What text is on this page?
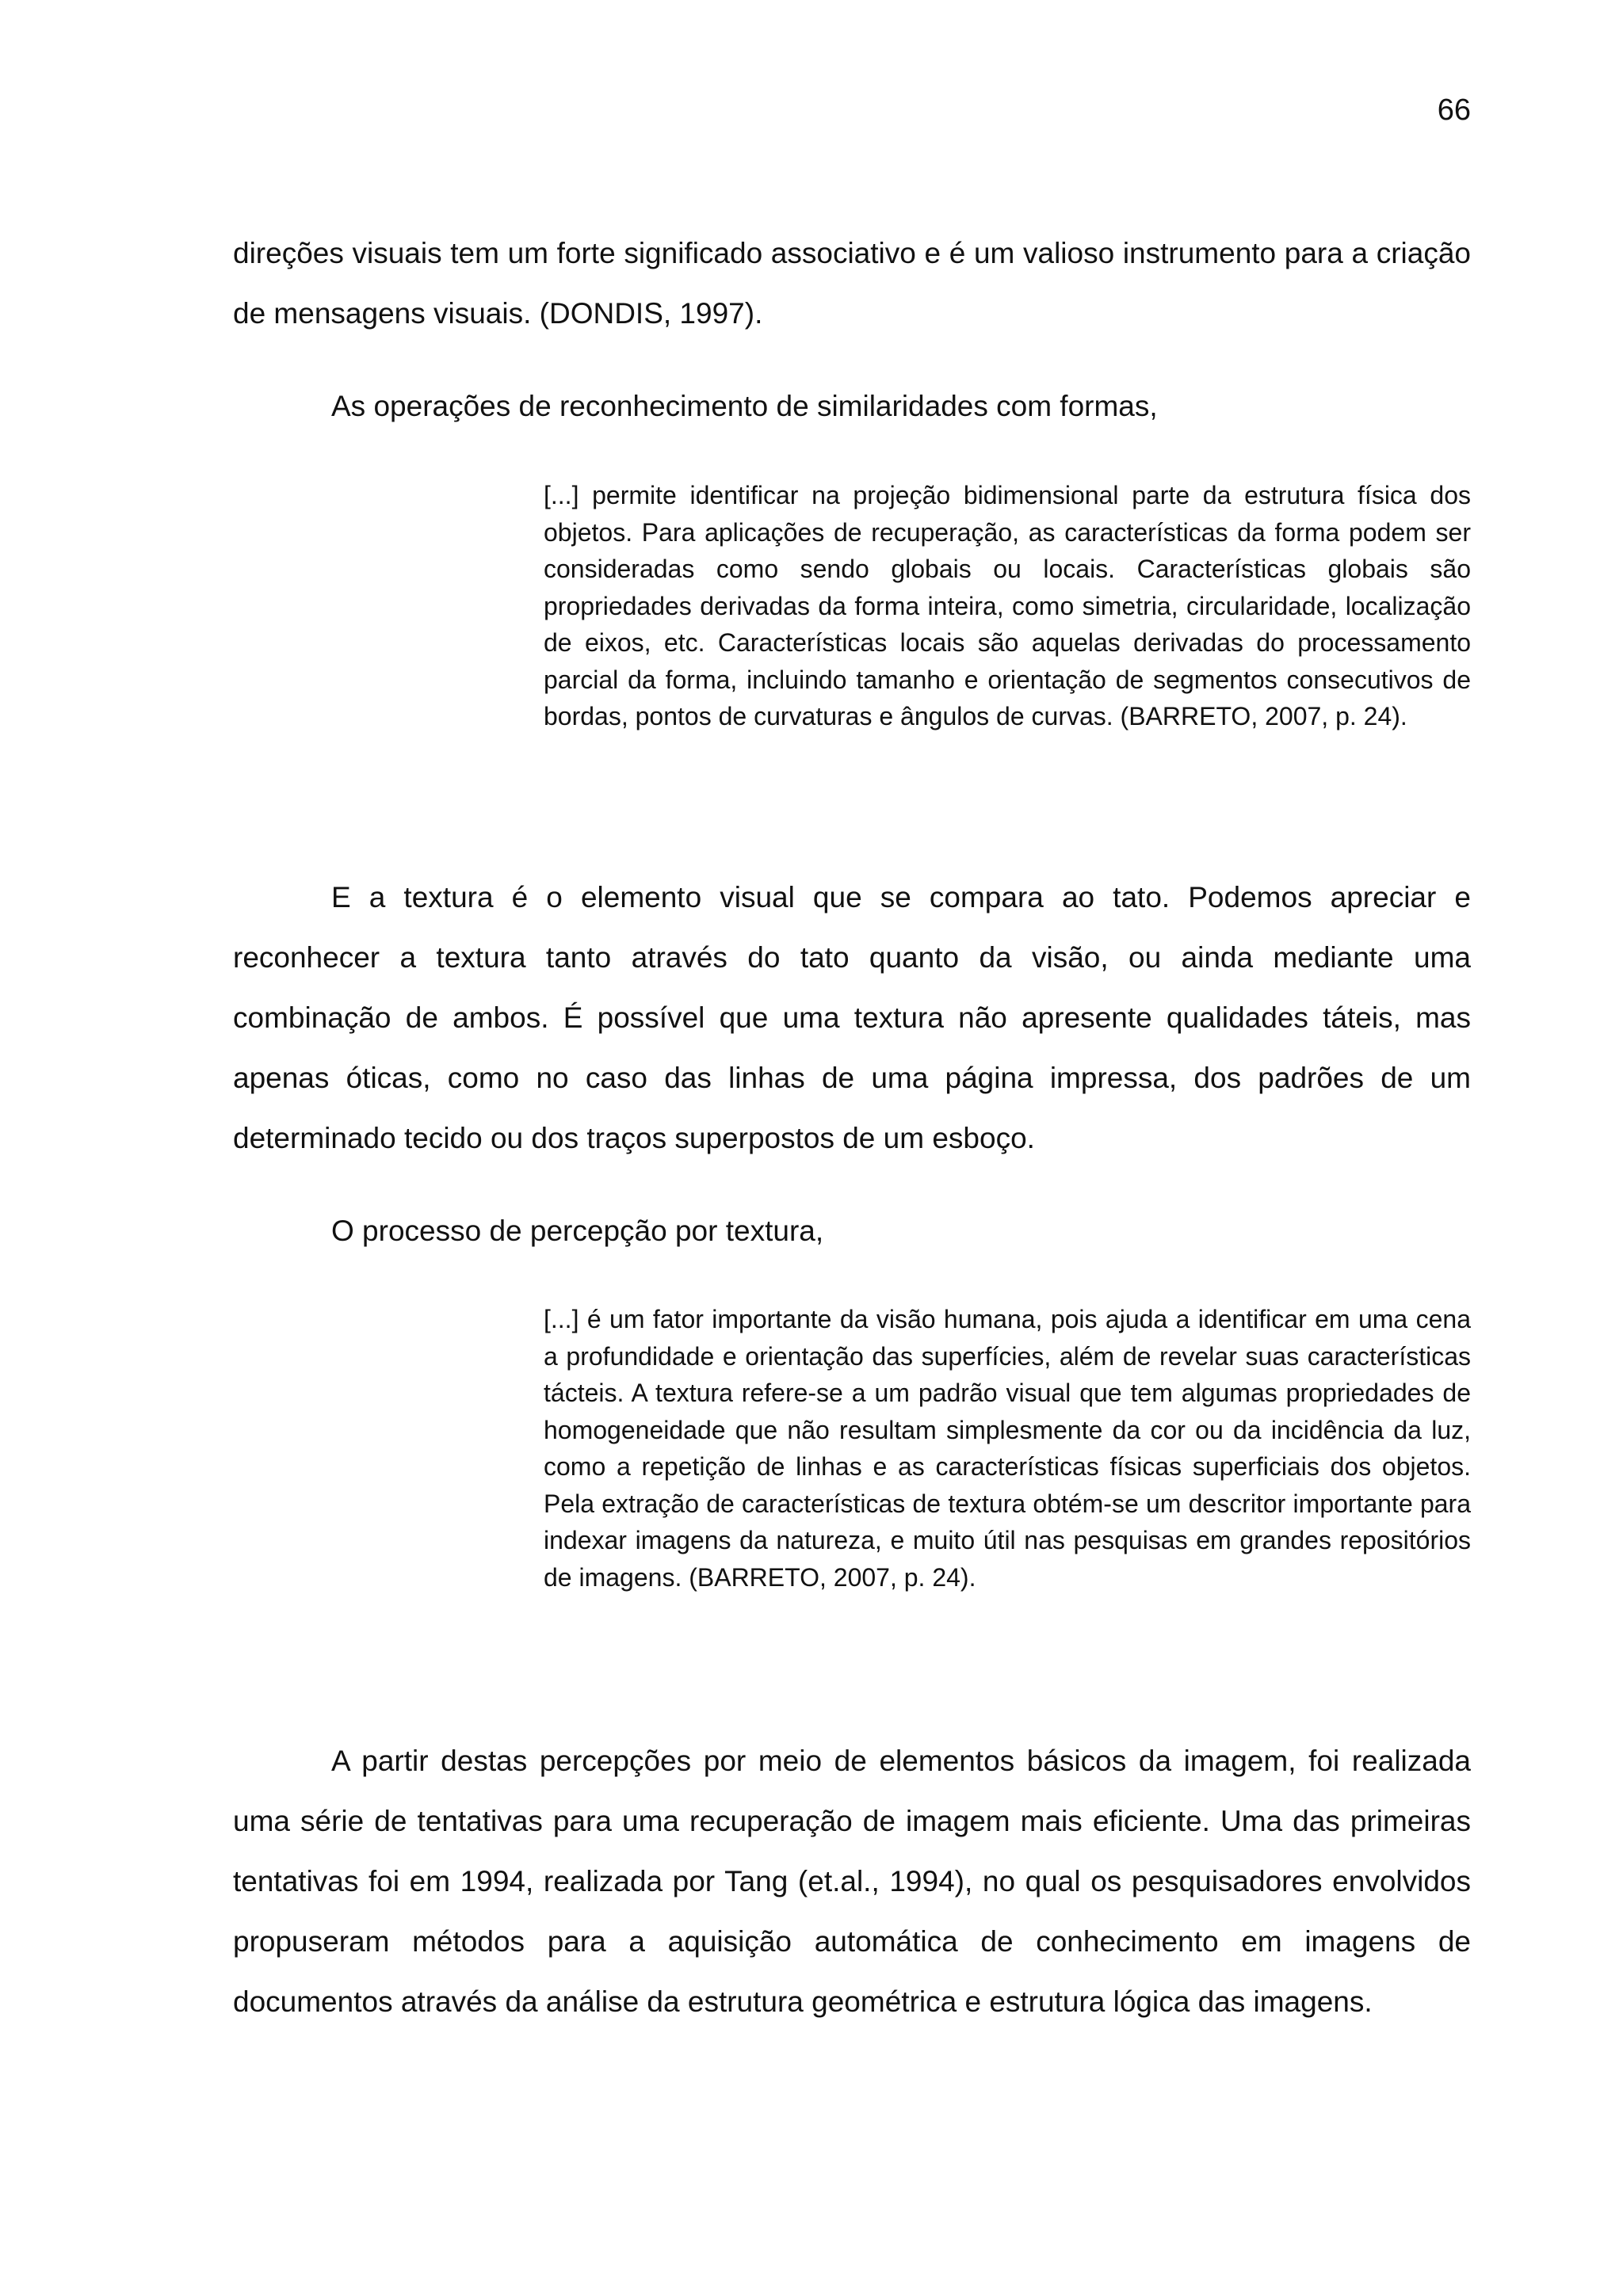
66

direções visuais tem um forte significado associativo e é um valioso instrumento para a criação de mensagens visuais. (DONDIS, 1997).

As operações de reconhecimento de similaridades com formas,

[...] permite identificar na projeção bidimensional parte da estrutura física dos objetos. Para aplicações de recuperação, as características da forma podem ser consideradas como sendo globais ou locais. Características globais são propriedades derivadas da forma inteira, como simetria, circularidade, localização de eixos, etc. Características locais são aquelas derivadas do processamento parcial da forma, incluindo tamanho e orientação de segmentos consecutivos de bordas, pontos de curvaturas e ângulos de curvas. (BARRETO, 2007, p. 24).

E a textura é o elemento visual que se compara ao tato. Podemos apreciar e reconhecer a textura tanto através do tato quanto da visão, ou ainda mediante uma combinação de ambos. É possível que uma textura não apresente qualidades táteis, mas apenas óticas, como no caso das linhas de uma página impressa, dos padrões de um determinado tecido ou dos traços superpostos de um esboço.

O processo de percepção por textura,

[...] é um fator importante da visão humana, pois ajuda a identificar em uma cena a profundidade e orientação das superfícies, além de revelar suas características tácteis. A textura refere-se a um padrão visual que tem algumas propriedades de homogeneidade que não resultam simplesmente da cor ou da incidência da luz, como a repetição de linhas e as características físicas superficiais dos objetos. Pela extração de características de textura obtém-se um descritor importante para indexar imagens da natureza, e muito útil nas pesquisas em grandes repositórios de imagens. (BARRETO, 2007, p. 24).

A partir destas percepções por meio de elementos básicos da imagem, foi realizada uma série de tentativas para uma recuperação de imagem mais eficiente. Uma das primeiras tentativas foi em 1994, realizada por Tang (et.al., 1994), no qual os pesquisadores envolvidos propuseram métodos para a aquisição automática de conhecimento em imagens de documentos através da análise da estrutura geométrica e estrutura lógica das imagens.
